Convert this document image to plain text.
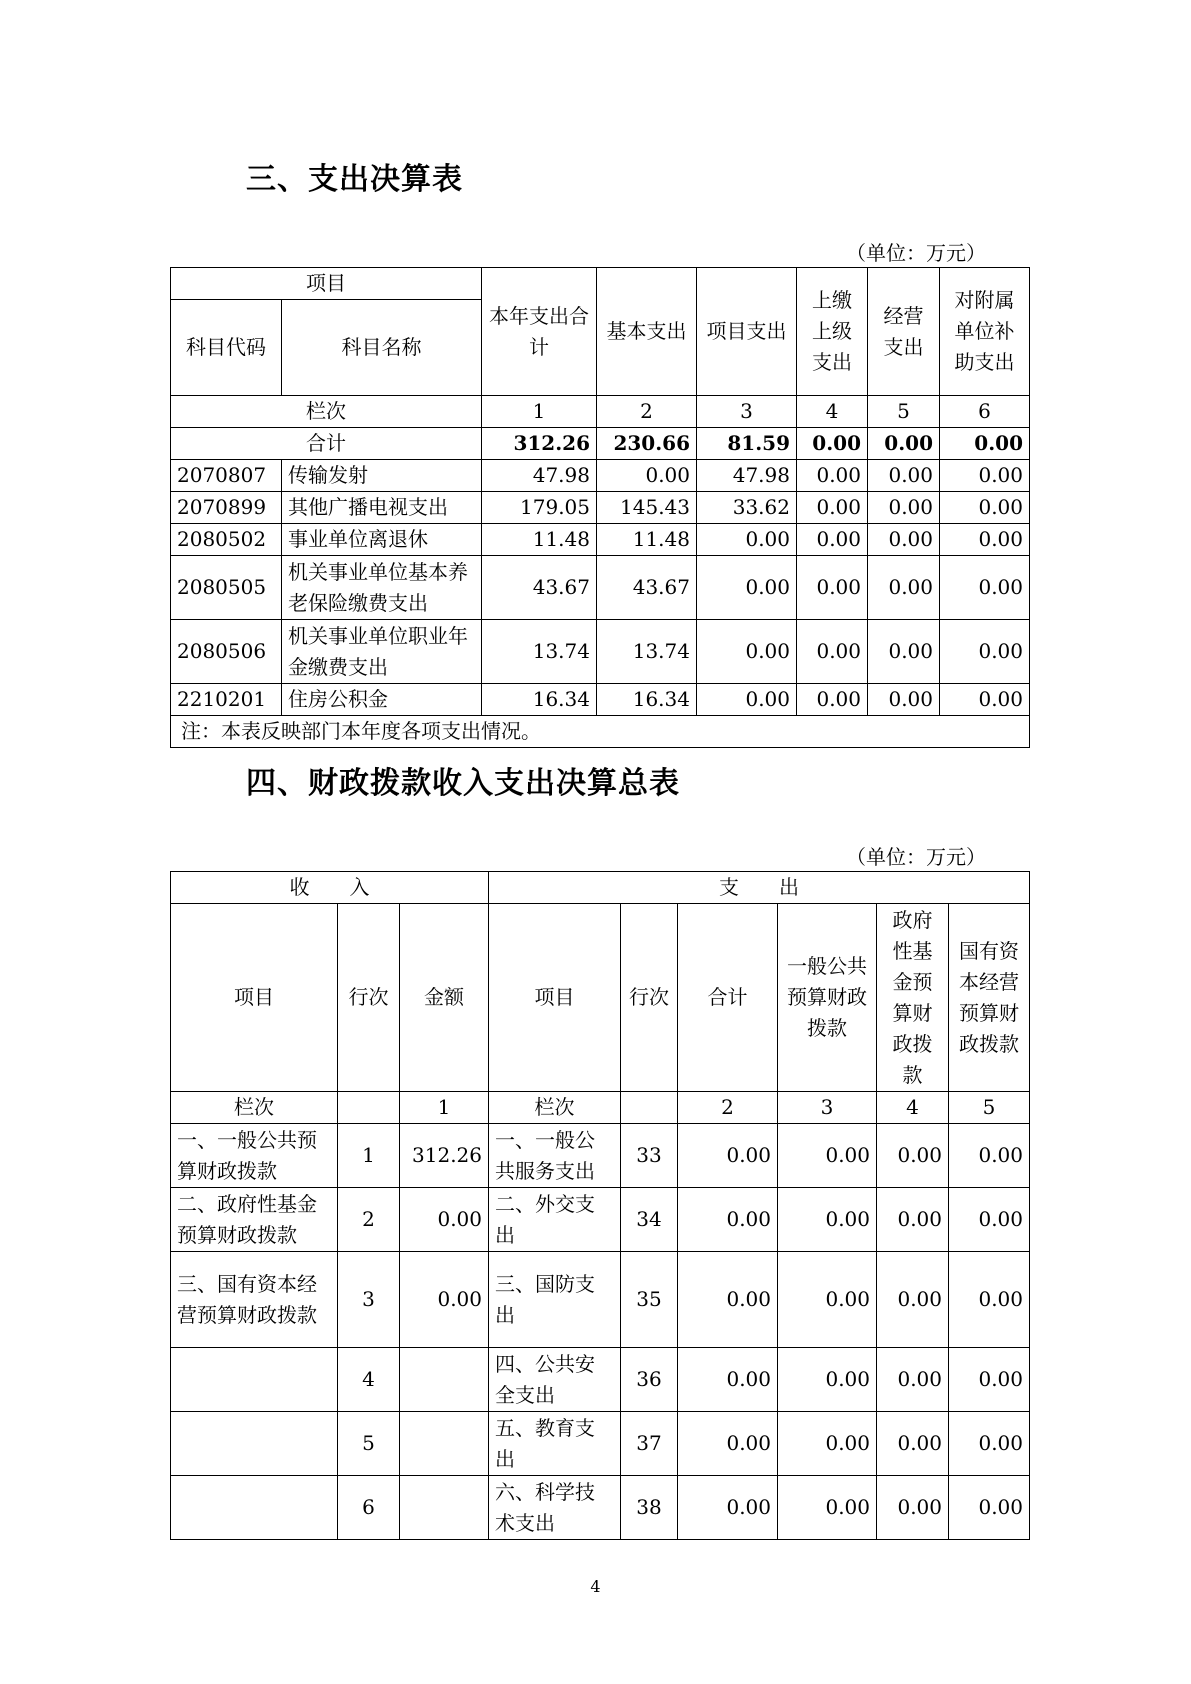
三、支出决算表
（单位：万元）
项目		本年支出合计	基本支出	项目支出	上缴上级支出	经营支出	对附属单位补助支出
科目代码	科目名称						
栏次		1	2	3	4	5	6
合计		312.26	230.66	81.59	0.00	0.00	0.00
2070807	传输发射	47.98	0.00	47.98	0.00	0.00	0.00
2070899	其他广播电视支出	179.05	145.43	33.62	0.00	0.00	0.00
2080502	事业单位离退休	11.48	11.48	0.00	0.00	0.00	0.00
2080505	机关事业单位基本养老保险缴费支出	43.67	43.67	0.00	0.00	0.00	0.00
2080506	机关事业单位职业年金缴费支出	13.74	13.74	0.00	0.00	0.00	0.00
2210201	住房公积金	16.34	16.34	0.00	0.00	0.00	0.00
注：本表反映部门本年度各项支出情况。							
四、财政拨款收入支出决算总表
（单位：万元）
收　　入			支　　出					
项目	行次	金额	项目	行次	合计	一般公共预算财政拨款	政府性基金预算财政拨款	国有资本经营预算财政拨款
栏次		1	栏次		2	3	4	5
一、一般公共预算财政拨款	1	312.26	一、一般公共服务支出	33	0.00	0.00	0.00	0.00
二、政府性基金预算财政拨款	2	0.00	二、外交支出	34	0.00	0.00	0.00	0.00
三、国有资本经营预算财政拨款	3	0.00	三、国防支出	35	0.00	0.00	0.00	0.00
	4		四、公共安全支出	36	0.00	0.00	0.00	0.00
	5		五、教育支出	37	0.00	0.00	0.00	0.00
	6		六、科学技术支出	38	0.00	0.00	0.00	0.00
4
